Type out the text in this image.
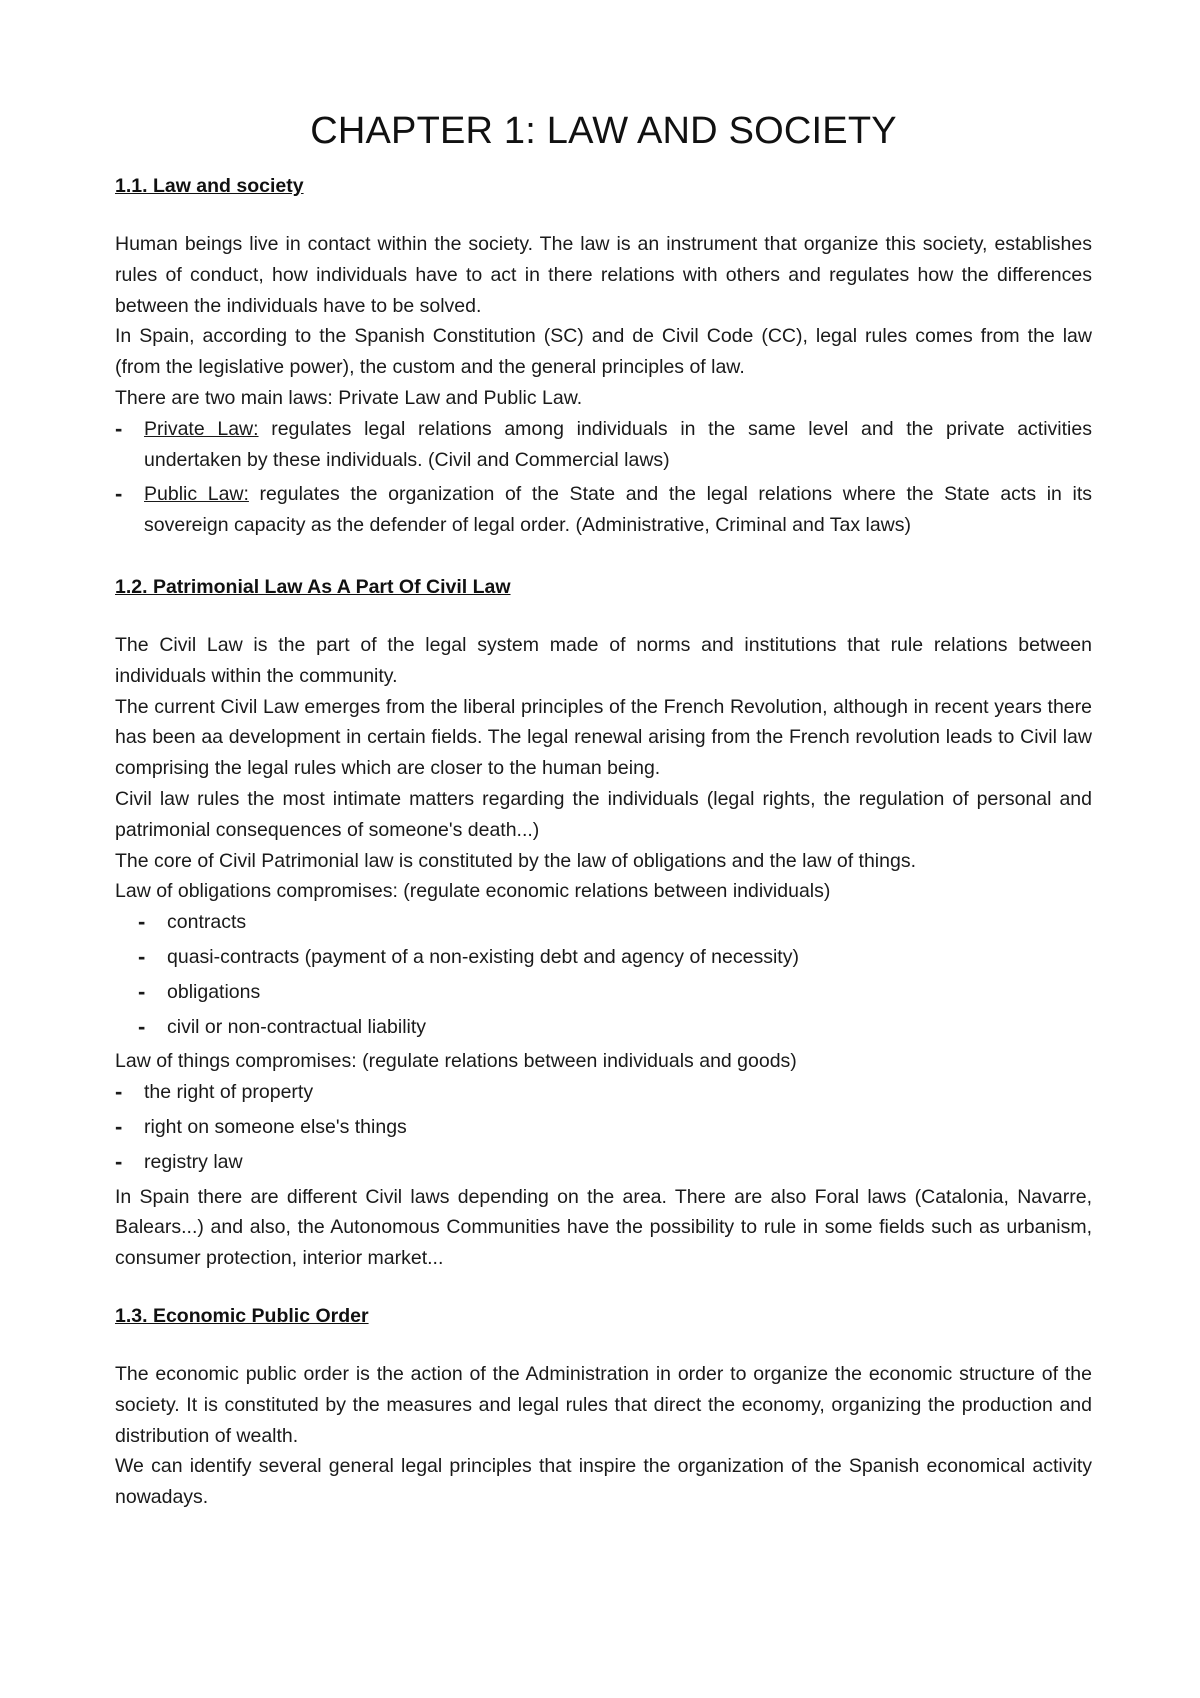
CHAPTER 1: LAW AND SOCIETY

1.1. Law and society

Human beings live in contact within the society. The law is an instrument that organize this society, establishes rules of conduct, how individuals have to act in there relations with others and regulates how the differences between the individuals have to be solved.

In Spain, according to the Spanish Constitution (SC) and de Civil Code (CC), legal rules comes from the law (from the legislative power), the custom and the general principles of law.

There are two main laws: Private Law and Public Law.

- Private Law: regulates legal relations among individuals in the same level and the private activities undertaken by these individuals. (Civil and Commercial laws)
- Public Law: regulates the organization of the State and the legal relations where the State acts in its sovereign capacity as the defender of legal order. (Administrative, Criminal and Tax laws)

1.2. Patrimonial Law As A Part Of Civil Law

The Civil Law is the part of the legal system made of norms and institutions that rule relations between individuals within the community.

The current Civil Law emerges from the liberal principles of the French Revolution, although in recent years there has been aa development in certain fields. The legal renewal arising from the French revolution leads to Civil law comprising the legal rules which are closer to the human being.

Civil law rules the most intimate matters regarding the individuals (legal rights, the regulation of personal and patrimonial consequences of someone's death...)

The core of Civil Patrimonial law is constituted by the law of obligations and the law of things.

Law of obligations compromises: (regulate economic relations between individuals)

- contracts
- quasi-contracts (payment of a non-existing debt and agency of necessity)
- obligations
- civil or non-contractual liability

Law of things compromises: (regulate relations between individuals and goods)

- the right of property
- right on someone else's things
- registry law

In Spain there are different Civil laws depending on the area. There are also Foral laws (Catalonia, Navarre, Balears...) and also, the Autonomous Communities have the possibility to rule in some fields such as urbanism, consumer protection, interior market...

1.3. Economic Public Order

The economic public order is the action of the Administration in order to organize the economic structure of the society. It is constituted by the measures and legal rules that direct the economy, organizing the production and distribution of wealth.

We can identify several general legal principles that inspire the organization of the Spanish economical activity nowadays.
